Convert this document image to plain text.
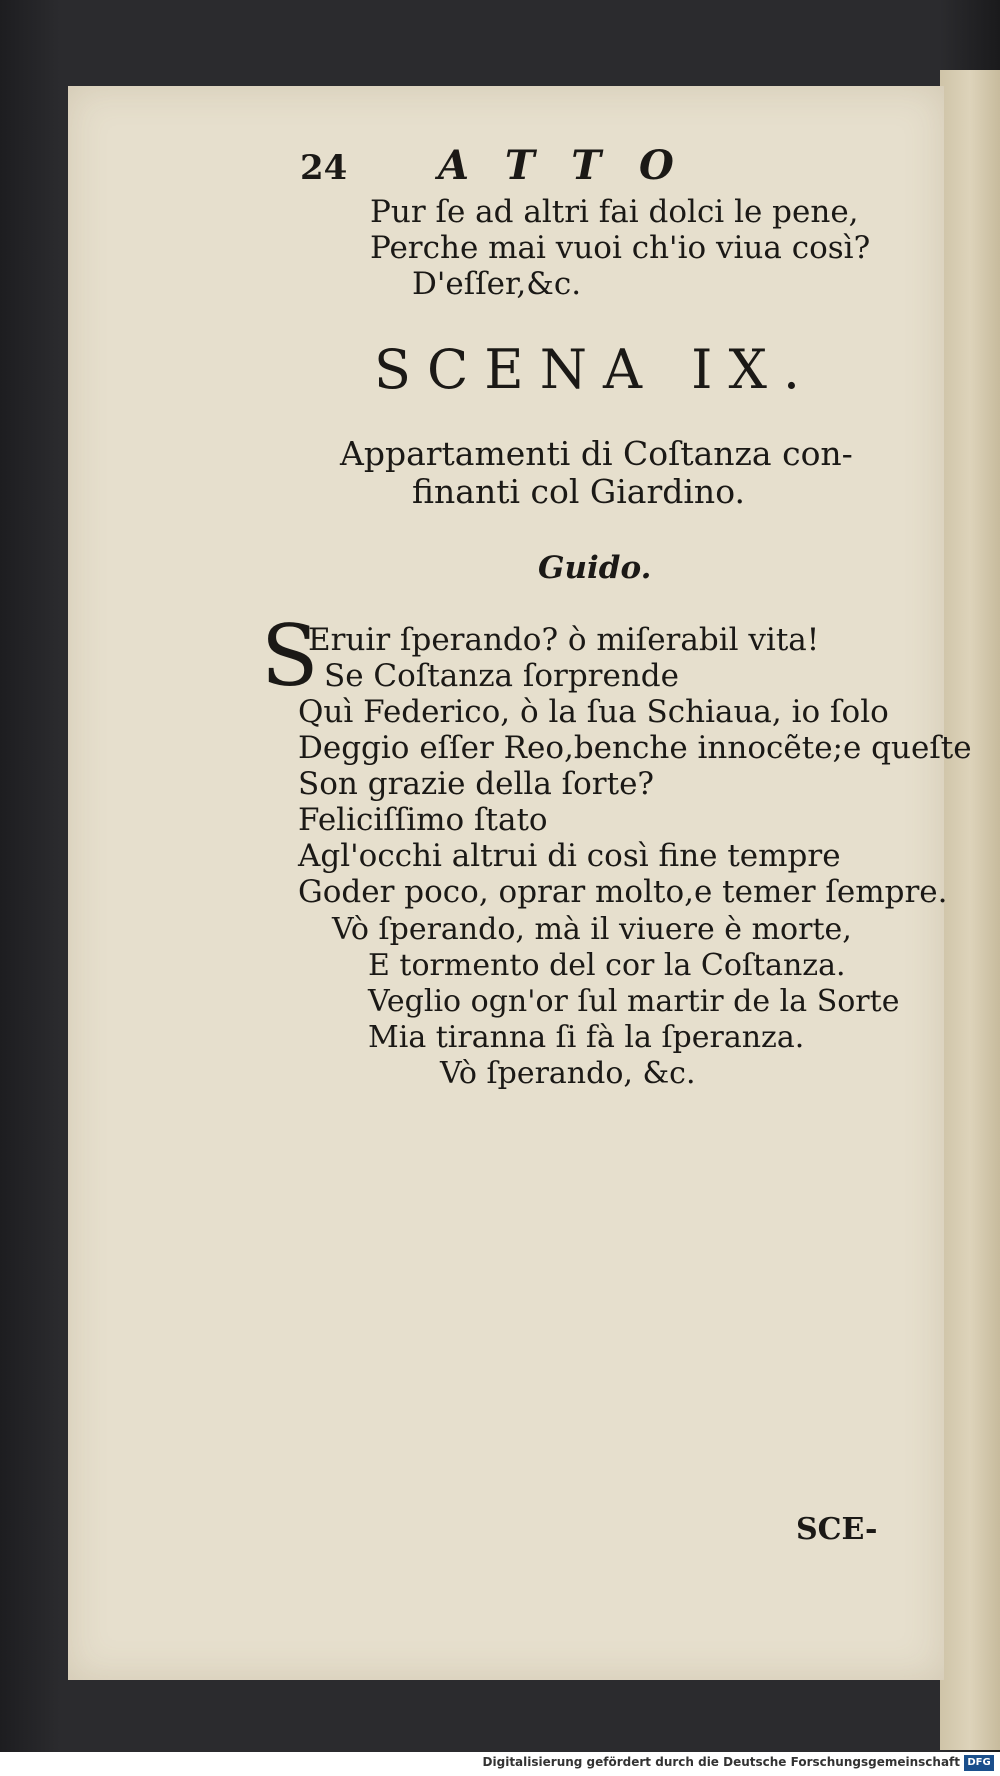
24 ATTO
Pur ſe ad altri fai dolci le pene,
Perche mai vuoi ch'io viua così?
D'eſſer,&c.
SCENA IX.
Appartamenti di Coſtanza con-
finanti col Giardino.
Guido.
S
Eruir ſperando? ò miſerabil vita!
Se Coſtanza ſorprende
Quì Federico, ò la ſua Schiaua, io ſolo
Deggio eſſer Reo,benche innocẽte;e queſte
Son grazie della ſorte?
Feliciſſimo ſtato
Agl'occhi altrui di così fine tempre
Goder poco, oprar molto,e temer ſempre.
Vò ſperando, mà il viuere è morte,
E tormento del cor la Coſtanza.
Veglio ogn'or ſul martir de la Sorte
Mia tiranna ſi fà la ſperanza.
Vò ſperando, &c.
SCE-
Digitalisierung gefördert durch die Deutsche Forschungsgemeinschaft DFG
